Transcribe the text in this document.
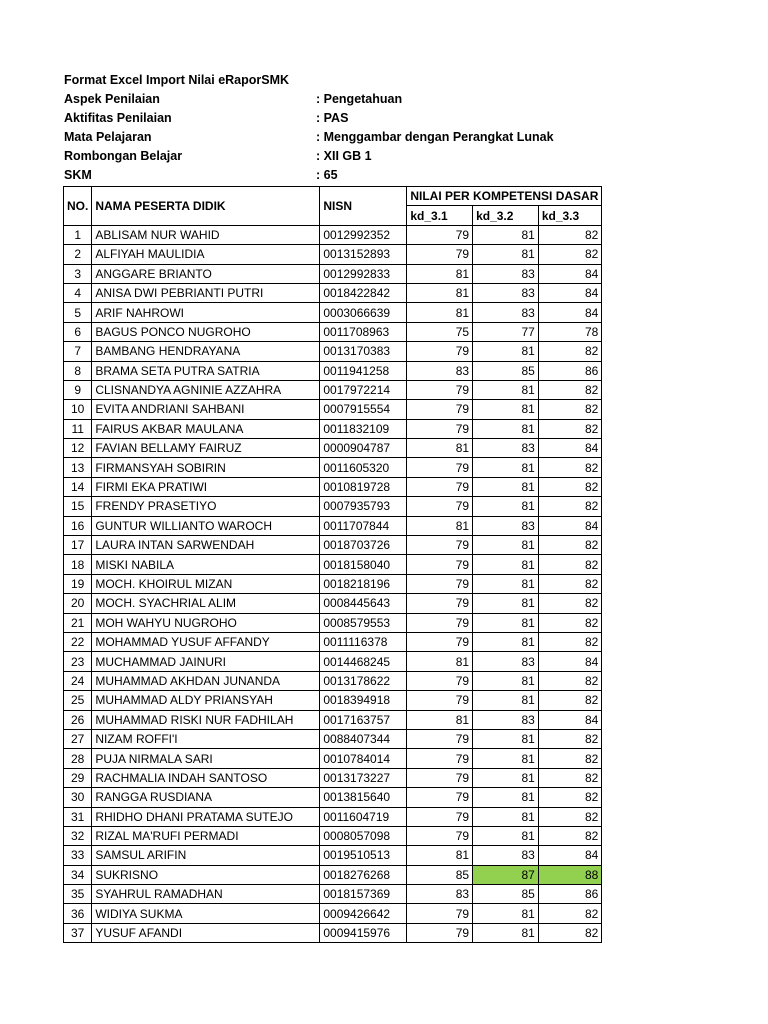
Format Excel Import Nilai eRaporSMK
Aspek Penilaian	: Pengetahuan
Aktifitas Penilaian	: PAS
Mata Pelajaran	: Menggambar dengan Perangkat Lunak
Rombongan Belajar	: XII GB 1
SKM	: 65
NO.	NAMA PESERTA DIDIK	NISN	NILAI PER KOMPETENSI DASAR		
			kd_3.1	kd_3.2	kd_3.3
1	ABLISAM NUR WAHID	0012992352	79	81	82
2	ALFIYAH MAULIDIA	0013152893	79	81	82
3	ANGGARE BRIANTO	0012992833	81	83	84
4	ANISA DWI PEBRIANTI PUTRI	0018422842	81	83	84
5	ARIF NAHROWI	0003066639	81	83	84
6	BAGUS PONCO NUGROHO	0011708963	75	77	78
7	BAMBANG HENDRAYANA	0013170383	79	81	82
8	BRAMA SETA PUTRA SATRIA	0011941258	83	85	86
9	CLISNANDYA AGNINIE AZZAHRA	0017972214	79	81	82
10	EVITA ANDRIANI SAHBANI	0007915554	79	81	82
11	FAIRUS AKBAR MAULANA	0011832109	79	81	82
12	FAVIAN BELLAMY FAIRUZ	0000904787	81	83	84
13	FIRMANSYAH SOBIRIN	0011605320	79	81	82
14	FIRMI EKA PRATIWI	0010819728	79	81	82
15	FRENDY PRASETIYO	0007935793	79	81	82
16	GUNTUR WILLIANTO WAROCH	0011707844	81	83	84
17	LAURA INTAN SARWENDAH	0018703726	79	81	82
18	MISKI NABILA	0018158040	79	81	82
19	MOCH. KHOIRUL MIZAN	0018218196	79	81	82
20	MOCH. SYACHRIAL ALIM	0008445643	79	81	82
21	MOH WAHYU NUGROHO	0008579553	79	81	82
22	MOHAMMAD YUSUF AFFANDY	0011116378	79	81	82
23	MUCHAMMAD JAINURI	0014468245	81	83	84
24	MUHAMMAD AKHDAN JUNANDA	0013178622	79	81	82
25	MUHAMMAD ALDY PRIANSYAH	0018394918	79	81	82
26	MUHAMMAD RISKI NUR FADHILAH	0017163757	81	83	84
27	NIZAM ROFFI'I	0088407344	79	81	82
28	PUJA NIRMALA SARI	0010784014	79	81	82
29	RACHMALIA INDAH SANTOSO	0013173227	79	81	82
30	RANGGA RUSDIANA	0013815640	79	81	82
31	RHIDHO DHANI PRATAMA SUTEJO	0011604719	79	81	82
32	RIZAL MA'RUFI PERMADI	0008057098	79	81	82
33	SAMSUL ARIFIN	0019510513	81	83	84
34	SUKRISNO	0018276268	85	87	88
35	SYAHRUL RAMADHAN	0018157369	83	85	86
36	WIDIYA SUKMA	0009426642	79	81	82
37	YUSUF AFANDI	0009415976	79	81	82
